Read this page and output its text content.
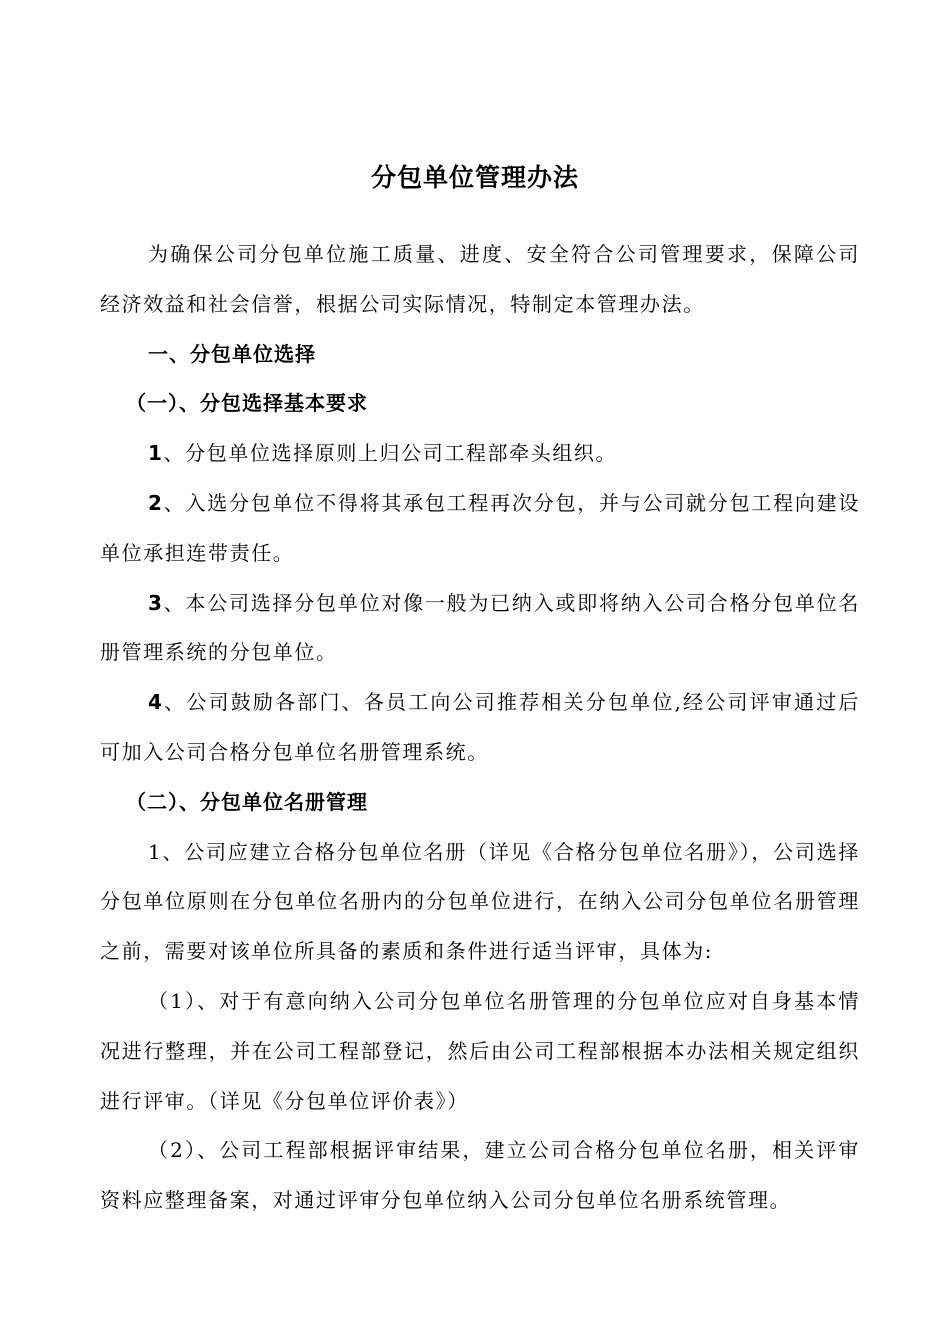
分包单位管理办法

为确保公司分包单位施工质量、进度、安全符合公司管理要求，保障公司经济效益和社会信誉，根据公司实际情况，特制定本管理办法。

一、分包单位选择

（一）、分包选择基本要求

1、分包单位选择原则上归公司工程部牵头组织。

2、入选分包单位不得将其承包工程再次分包，并与公司就分包工程向建设单位承担连带责任。

3、本公司选择分包单位对像一般为已纳入或即将纳入公司合格分包单位名册管理系统的分包单位。

4、公司鼓励各部门、各员工向公司推荐相关分包单位,经公司评审通过后可加入公司合格分包单位名册管理系统。

（二）、分包单位名册管理

1、公司应建立合格分包单位名册（详见《合格分包单位名册》），公司选择分包单位原则在分包单位名册内的分包单位进行，在纳入公司分包单位名册管理之前，需要对该单位所具备的素质和条件进行适当评审，具体为:

（1）、对于有意向纳入公司分包单位名册管理的分包单位应对自身基本情况进行整理，并在公司工程部登记，然后由公司工程部根据本办法相关规定组织进行评审。（详见《分包单位评价表》）

（2）、公司工程部根据评审结果，建立公司合格分包单位名册，相关评审资料应整理备案，对通过评审分包单位纳入公司分包单位名册系统管理。
